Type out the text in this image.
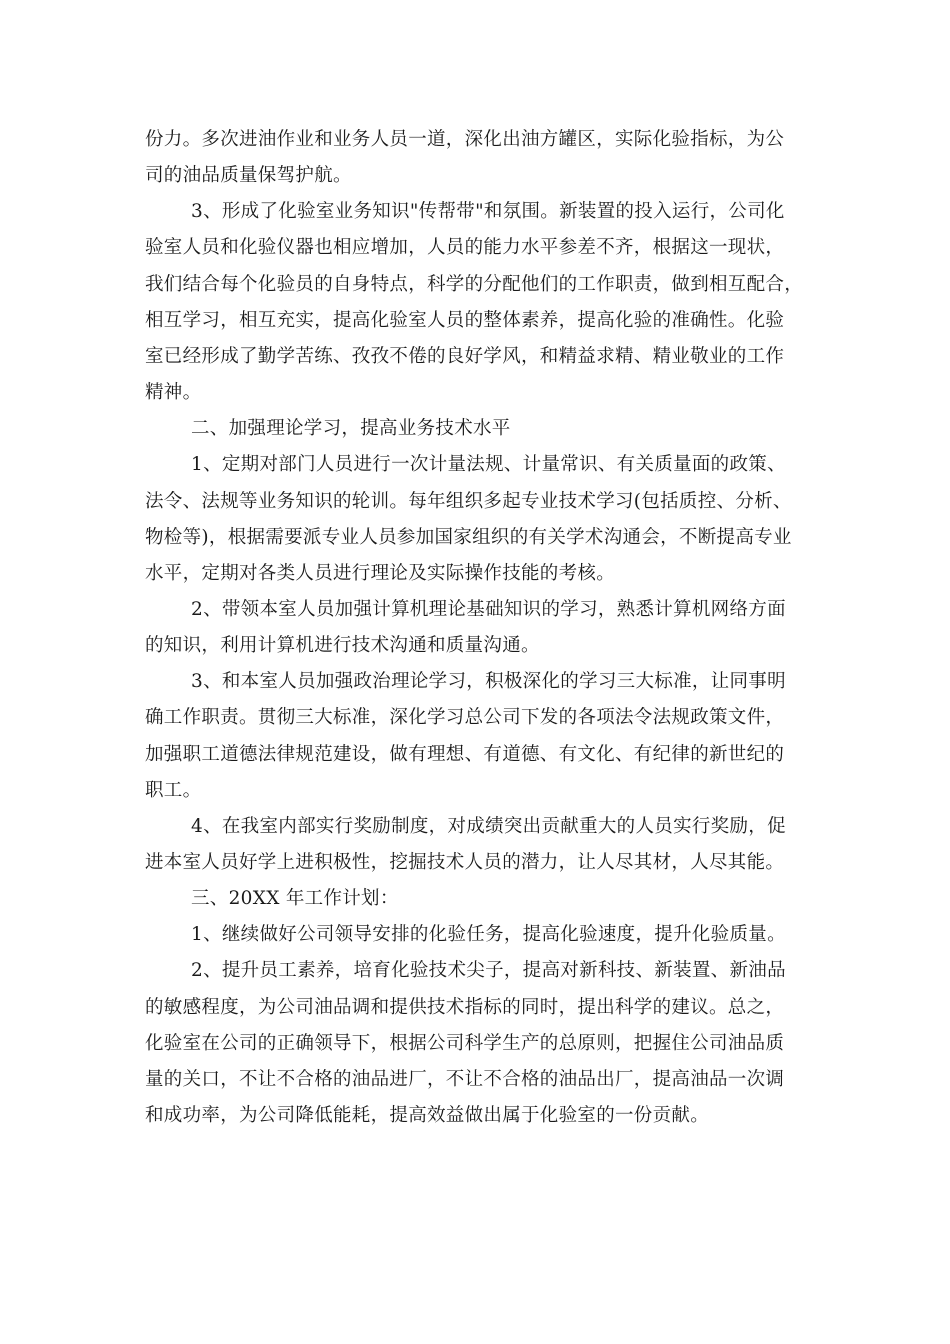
份力。多次进油作业和业务人员一道，深化出油方罐区，实际化验指标，为公
司的油品质量保驾护航。
3、形成了化验室业务知识"传帮带"和氛围。新装置的投入运行，公司化
验室人员和化验仪器也相应增加，人员的能力水平参差不齐，根据这一现状，
我们结合每个化验员的自身特点，科学的分配他们的工作职责，做到相互配合，
相互学习，相互充实，提高化验室人员的整体素养，提高化验的准确性。化验
室已经形成了勤学苦练、孜孜不倦的良好学风，和精益求精、精业敬业的工作
精神。
二、加强理论学习，提高业务技术水平
1、定期对部门人员进行一次计量法规、计量常识、有关质量面的政策、
法令、法规等业务知识的轮训。每年组织多起专业技术学习(包括质控、分析、
物检等)，根据需要派专业人员参加国家组织的有关学术沟通会，不断提高专业
水平，定期对各类人员进行理论及实际操作技能的考核。
2、带领本室人员加强计算机理论基础知识的学习，熟悉计算机网络方面
的知识，利用计算机进行技术沟通和质量沟通。
3、和本室人员加强政治理论学习，积极深化的学习三大标准，让同事明
确工作职责。贯彻三大标准，深化学习总公司下发的各项法令法规政策文件，
加强职工道德法律规范建设，做有理想、有道德、有文化、有纪律的新世纪的
职工。
4、在我室内部实行奖励制度，对成绩突出贡献重大的人员实行奖励，促
进本室人员好学上进积极性，挖掘技术人员的潜力，让人尽其材，人尽其能。
三、20XX 年工作计划：
1、继续做好公司领导安排的化验任务，提高化验速度，提升化验质量。
2、提升员工素养，培育化验技术尖子，提高对新科技、新装置、新油品
的敏感程度，为公司油品调和提供技术指标的同时，提出科学的建议。总之，
化验室在公司的正确领导下，根据公司科学生产的总原则，把握住公司油品质
量的关口，不让不合格的油品进厂，不让不合格的油品出厂，提高油品一次调
和成功率，为公司降低能耗，提高效益做出属于化验室的一份贡献。
